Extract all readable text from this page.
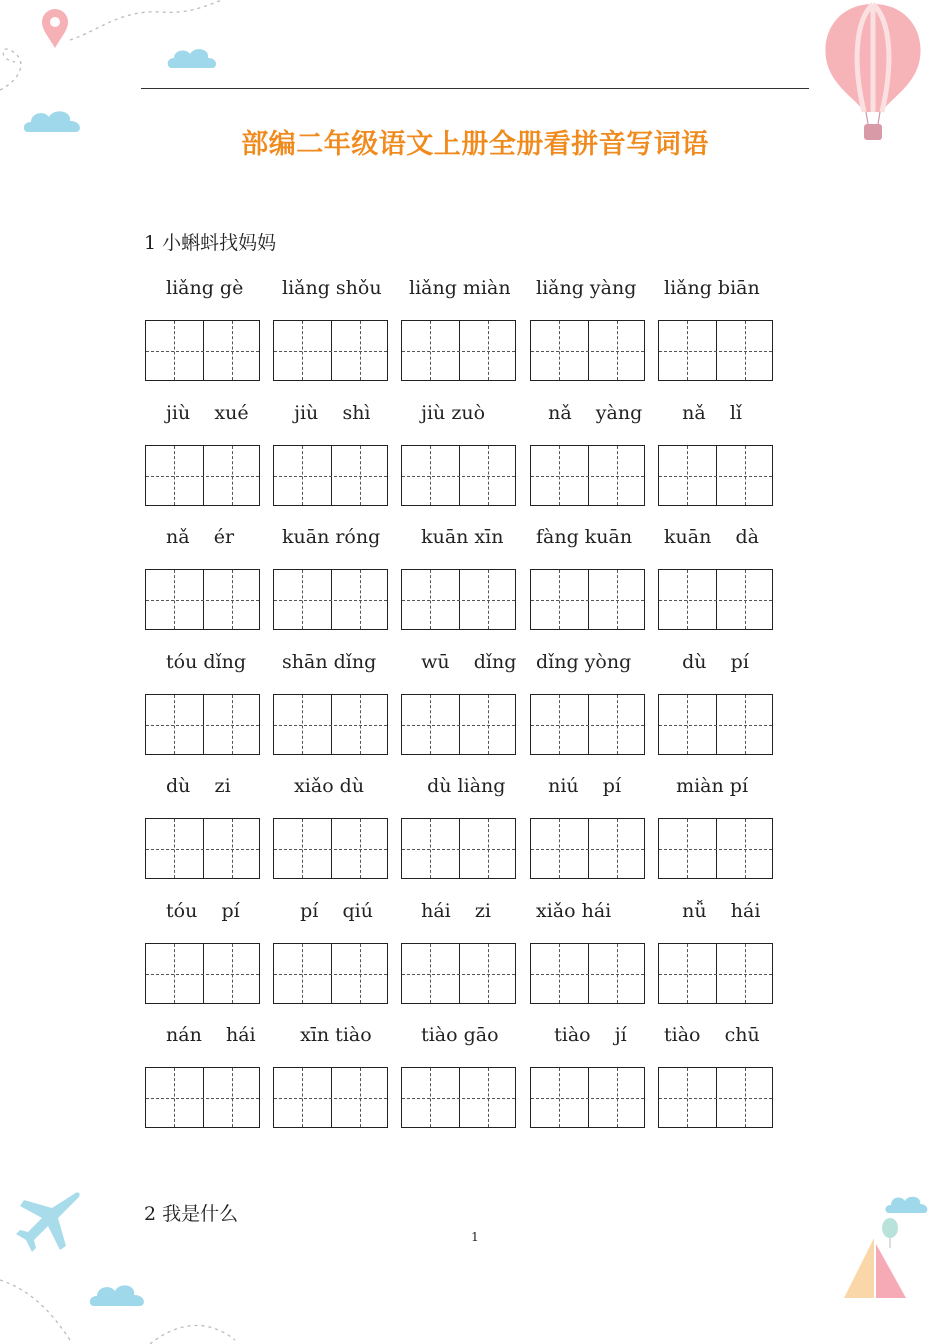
部编二年级语文上册全册看拼音写词语
1 小蝌蚪找妈妈
liǎng gè	liǎng shǒu	liǎng miàn	liǎng yàng	liǎng biān
jiù    xué	jiù    shì	jiù zuò	nǎ    yàng	nǎ    lǐ
nǎ    ér	kuān róng	kuān xīn	fàng kuān	kuān    dà
tóu dǐng	shān dǐng	wū    dǐng	dǐng yòng	dù    pí
dù    zi	xiǎo dù	dù liàng	niú    pí	miàn pí
tóu    pí	pí    qiú	hái    zi	xiǎo hái	nǚ    hái
nán    hái	xīn tiào	tiào gāo	tiào    jí	tiào    chū
2 我是什么
1
